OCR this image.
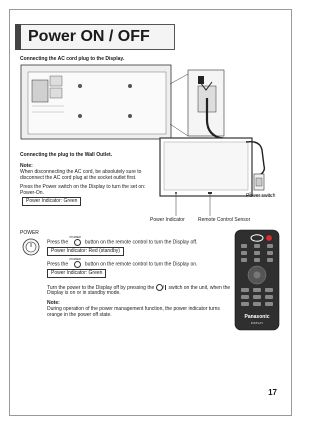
Power ON / OFF
Connecting the AC cord plug to the Display.
Connecting the plug to the Wall Outlet.
Note:
When disconnecting the AC cord, be absolutely sure to
disconnect the AC cord plug at the socket outlet first.
Press the Power switch on the Display to turn the set on:
Power-On.
Power Indicator: Green
Power switch
Power Indicator	Remote Control Sensor
POWER
Press the
POWER
button on the remote control to turn the Display off.
Power Indicator: Red (standby)
Press the
POWER
button on the remote control to turn the Display on.
Power Indicator: Green
Turn the power to the Display off by pressing the / switch on the unit, when the
Display is on or in standby mode.
Note:
During operation of the power management function, the power indicator turns
orange in the power off state.	Panasonic
DISPLAY
17
